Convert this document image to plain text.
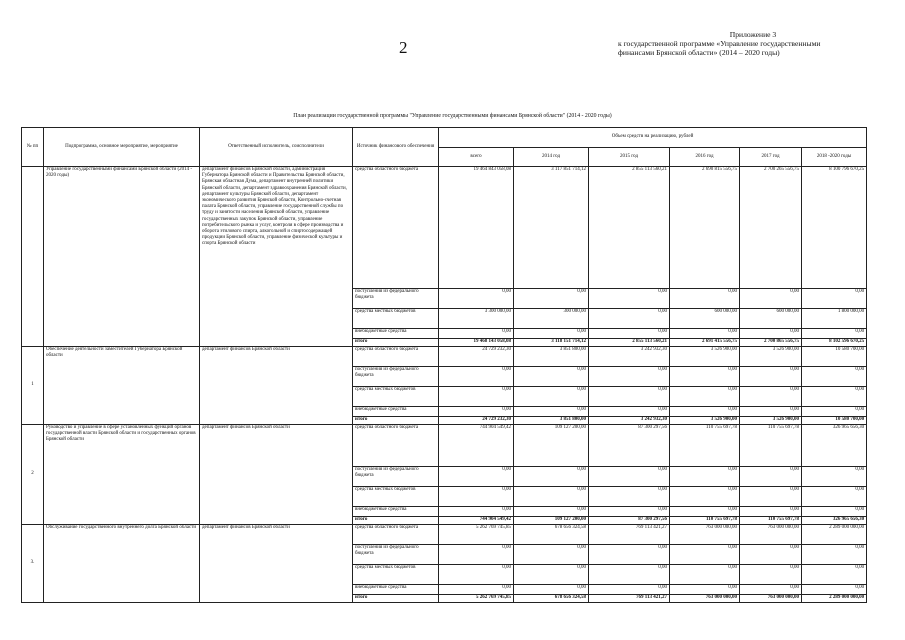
2
Приложение 3
к государственной программе «Управление государственными
финансами Брянской области» (2014 – 2020 годы)
План реализации государственной программы "Управление государственными финансами Брянской области" (2014 - 2020 годы)
№ пп	Подпрограмма, основное мероприятие, мероприятие	Ответственный исполнитель, соисполнители	Источник финансового обеспечения	Объем средств на реализацию, рублей					
				всего	2014 год	2015 год	2016 год	2017 год	2018 -2020 годы
	Управление государственными финансами Брянской области (2014 - 2020 годы)	департамент финансов Брянской области, администрация Губернатора Брянской области и Правительства Брянской области, Брянская областная Дума, департамент внутренней политики Брянской области, департамент здравоохранения Брянской области, департамент культуры Брянской области, департамент экономического развития Брянской области, Контрольно-счетная палата Брянской области, управление государственной службы по труду и занятости населения Брянской области, управление государственных закупок Брянской области, управление потребительского рынка и услуг, контроля в сфере производства и оборота этилового спирта, алкогольной и спиртосодержащей продукции Брянской области, управление физической культуры и спорта Брянской области	средства областного бюджета	19 464 843 058,08	3 117 851 714,12	2 855 113 560,21	2 690 815 556,75	2 700 265 556,75	8 100 796 670,25
			поступления из федерального бюджета	0,00	0,00	0,00	0,00	0,00	0,00
			средства местных бюджетов	3 300 000,00	300 000,00	0,00	600 000,00	600 000,00	1 800 000,00
			внебюджетные средства	0,00	0,00	0,00	0,00	0,00	0,00
			итого	19 468 143 058,08	3 118 151 714,12	2 855 113 560,21	2 691 415 556,75	2 700 865 556,75	8 102 596 670,25
1	Обеспечение деятельности заместителей Губернатора Брянской области	департамент финансов Брянской области	средства областного бюджета	24 729 232,30	3 851 800,00	3 242 932,30	3 526 900,00	3 526 900,00	10 580 700,00
			поступления из федерального бюджета	0,00	0,00	0,00	0,00	0,00	0,00
			средства местных бюджетов	0,00	0,00	0,00	0,00	0,00	0,00
			внебюджетные средства	0,00	0,00	0,00	0,00	0,00	0,00
			итого	24 729 232,30	3 851 800,00	3 242 932,30	3 526 900,00	3 526 900,00	10 580 700,00
2	Руководство и управление в сфере установленных функций органов государственной власти Брянской области и государственных органов Брянской области	департамент финансов Брянской области	средства областного бюджета	744 904 549,42	109 127 200,00	87 300 297,56	110 755 697,78	110 755 697,78	326 965 656,30
			поступления из федерального бюджета	0,00	0,00	0,00	0,00	0,00	0,00
			средства местных бюджетов	0,00	0,00	0,00	0,00	0,00	0,00
			внебюджетные средства	0,00	0,00	0,00	0,00	0,00	0,00
			итого	744 904 549,42	109 127 200,00	87 300 297,56	110 755 697,78	110 755 697,78	326 965 656,30
3.	Обслуживание государственного внутреннего долга Брянской области	департамент финансов Брянской области	средства областного бюджета	5 262 769 745,85	678 656 324,58	769 113 421,27	763 000 000,00	763 000 000,00	2 289 000 000,00
			поступления из федерального бюджета	0,00	0,00	0,00	0,00	0,00	0,00
			средства местных бюджетов	0,00	0,00	0,00	0,00	0,00	0,00
			внебюджетные средства	0,00	0,00	0,00	0,00	0,00	0,00
			итого	5 262 769 745,85	678 656 324,58	769 113 421,27	763 000 000,00	763 000 000,00	2 289 000 000,00
